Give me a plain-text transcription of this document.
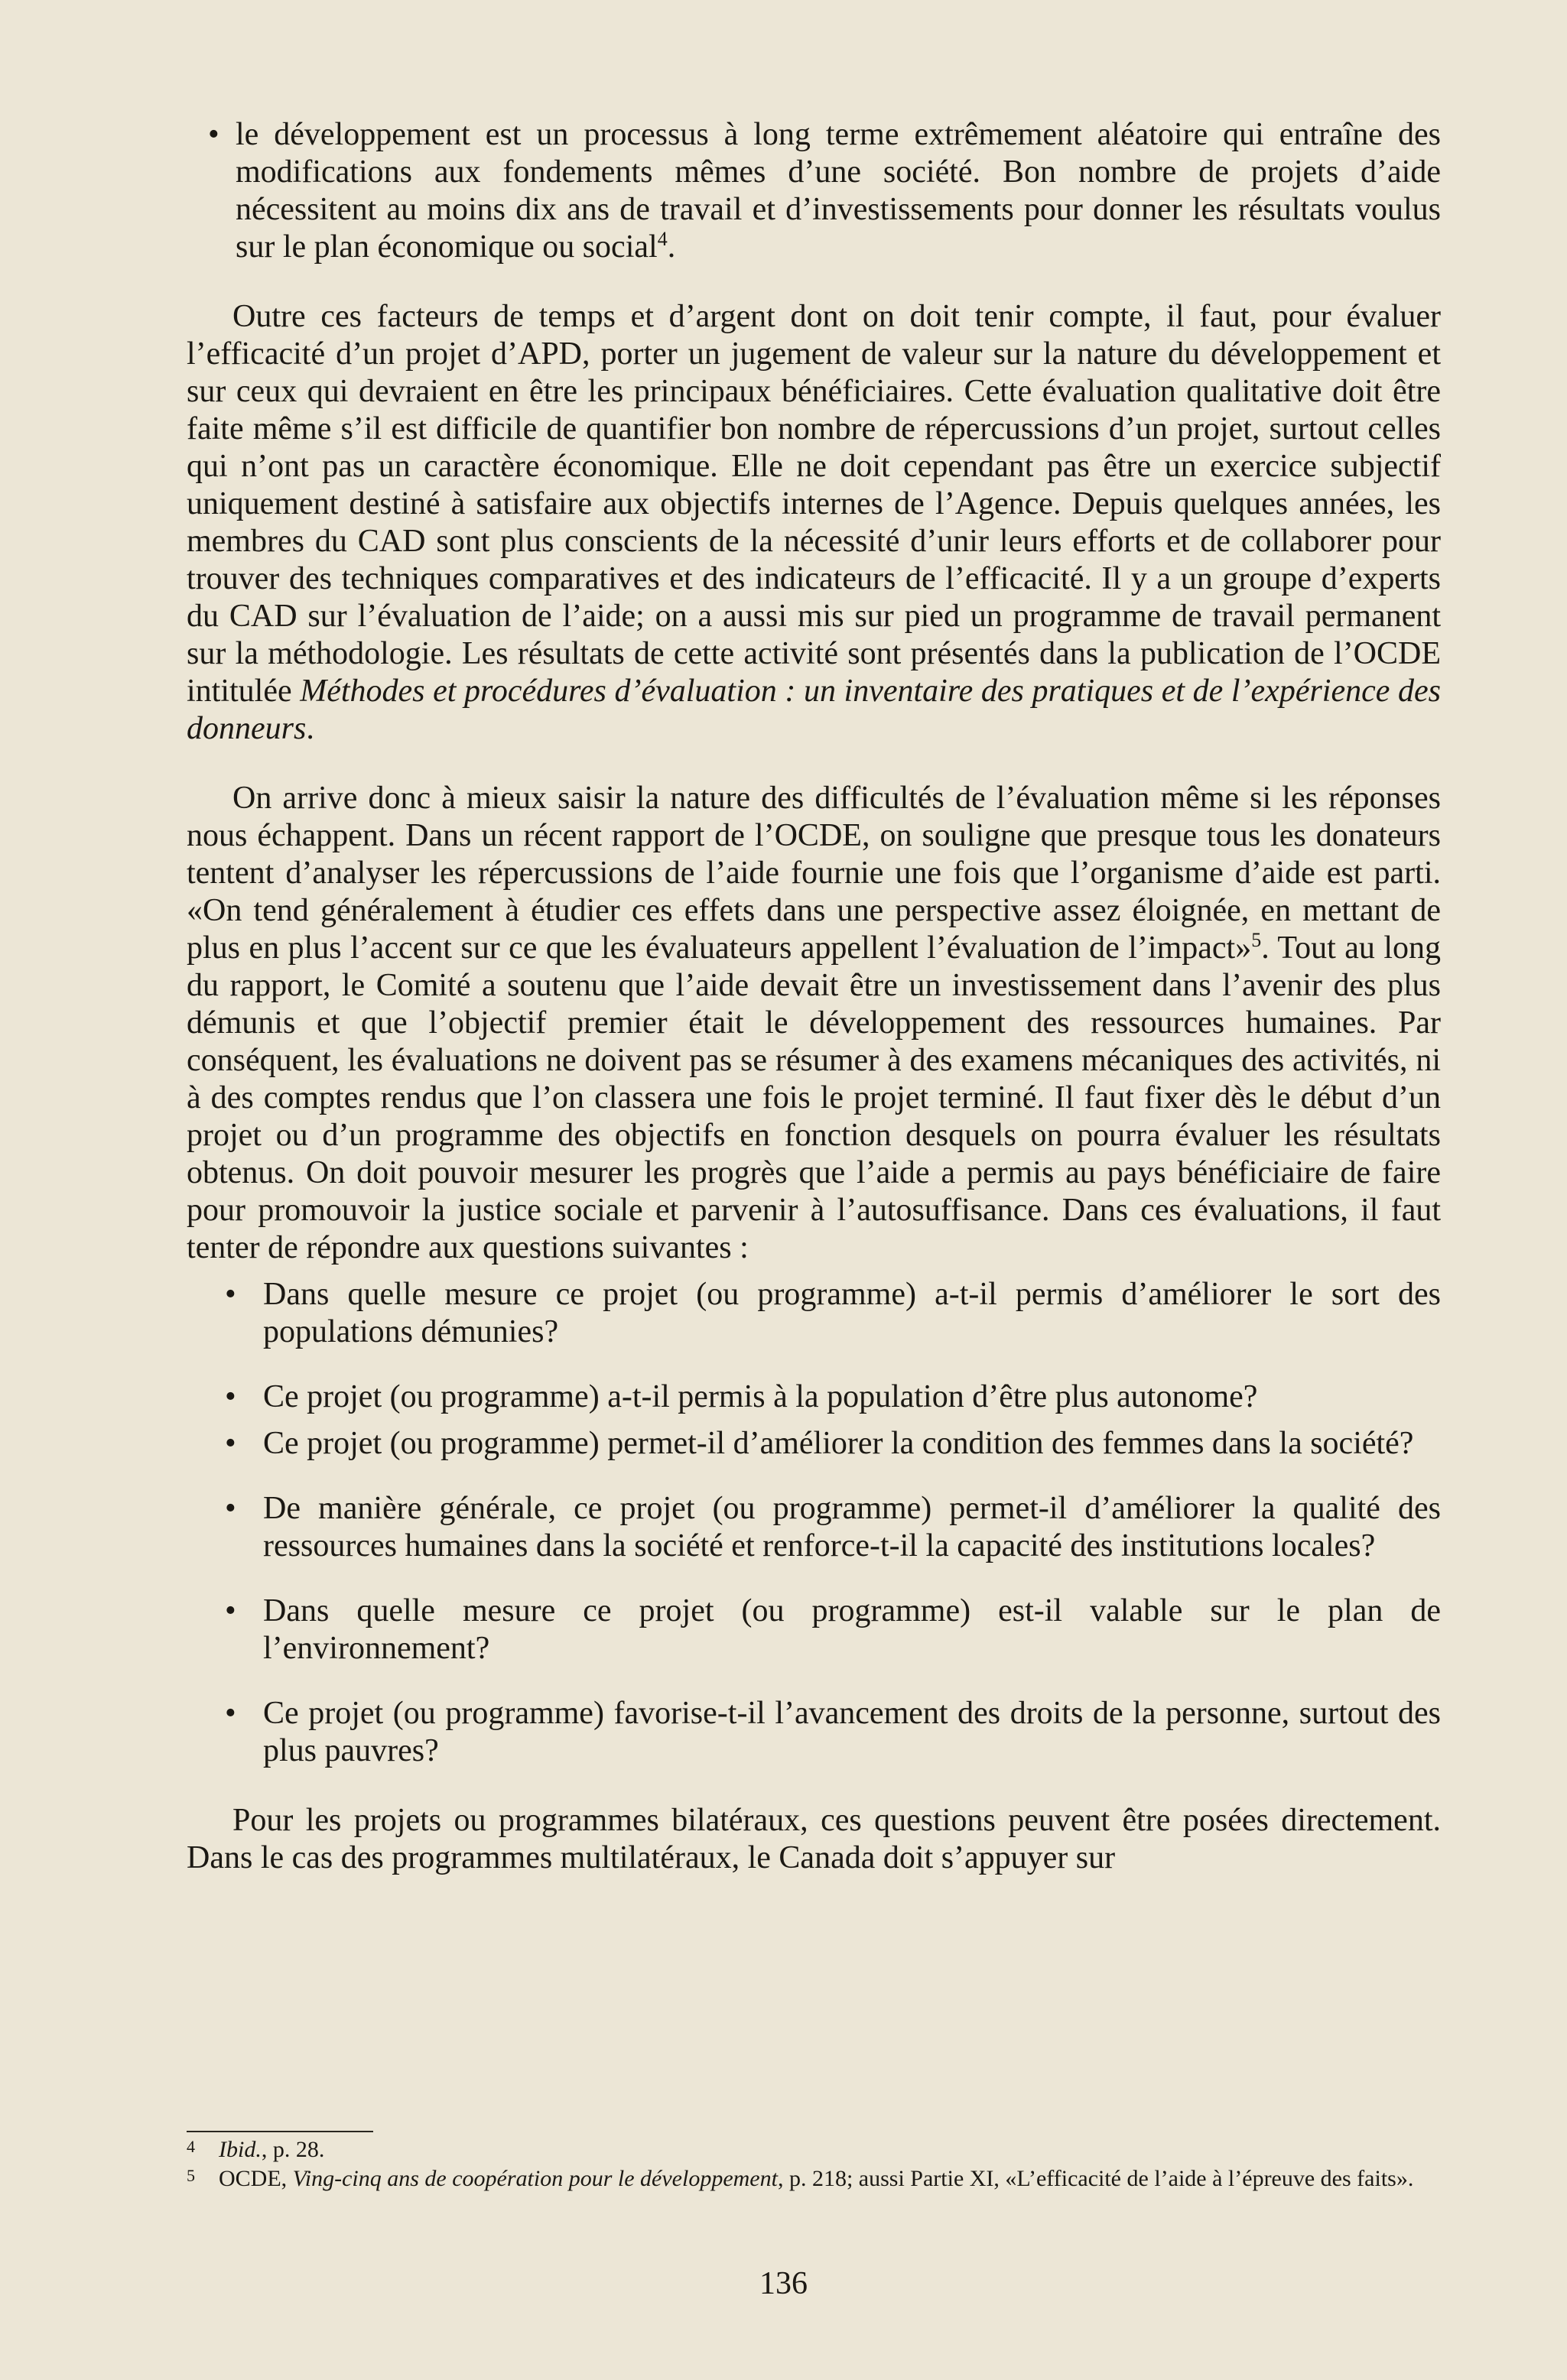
• le développement est un processus à long terme extrêmement aléatoire qui entraîne des modifications aux fondements mêmes d’une société. Bon nombre de projets d’aide nécessitent au moins dix ans de travail et d’investissements pour donner les résultats voulus sur le plan économique ou social$^4$.

Outre ces facteurs de temps et d’argent dont on doit tenir compte, il faut, pour évaluer l’efficacité d’un projet d’APD, porter un jugement de valeur sur la nature du développement et sur ceux qui devraient en être les principaux bénéficiaires. Cette évaluation qualitative doit être faite même s’il est difficile de quantifier bon nombre de répercussions d’un projet, surtout celles qui n’ont pas un caractère économique. Elle ne doit cependant pas être un exercice subjectif uniquement destiné à satisfaire aux objectifs internes de l’Agence. Depuis quelques années, les membres du CAD sont plus conscients de la nécessité d’unir leurs efforts et de collaborer pour trouver des techniques comparatives et des indicateurs de l’efficacité. Il y a un groupe d’experts du CAD sur l’évaluation de l’aide; on a aussi mis sur pied un programme de travail permanent sur la méthodologie. Les résultats de cette activité sont présentés dans la publication de l’OCDE intitulée Méthodes et procédures d’évaluation : un inventaire des pratiques et de l’expérience des donneurs.

On arrive donc à mieux saisir la nature des difficultés de l’évaluation même si les réponses nous échappent. Dans un récent rapport de l’OCDE, on souligne que presque tous les donateurs tentent d’analyser les répercussions de l’aide fournie une fois que l’organisme d’aide est parti. «On tend généralement à étudier ces effets dans une perspective assez éloignée, en mettant de plus en plus l’accent sur ce que les évaluateurs appellent l’évaluation de l’impact»$^5$. Tout au long du rapport, le Comité a soutenu que l’aide devait être un investissement dans l’avenir des plus démunis et que l’objectif premier était le développement des ressources humaines. Par conséquent, les évaluations ne doivent pas se résumer à des examens mécaniques des activités, ni à des comptes rendus que l’on classera une fois le projet terminé. Il faut fixer dès le début d’un projet ou d’un programme des objectifs en fonction desquels on pourra évaluer les résultats obtenus. On doit pouvoir mesurer les progrès que l’aide a permis au pays bénéficiaire de faire pour promouvoir la justice sociale et parvenir à l’autosuffisance. Dans ces évaluations, il faut tenter de répondre aux questions suivantes :

• Dans quelle mesure ce projet (ou programme) a-t-il permis d’améliorer le sort des populations démunies?

• Ce projet (ou programme) a-t-il permis à la population d’être plus autonome?

• Ce projet (ou programme) permet-il d’améliorer la condition des femmes dans la société?

• De manière générale, ce projet (ou programme) permet-il d’améliorer la qualité des ressources humaines dans la société et renforce-t-il la capacité des institutions locales?

• Dans quelle mesure ce projet (ou programme) est-il valable sur le plan de l’environnement?

• Ce projet (ou programme) favorise-t-il l’avancement des droits de la personne, surtout des plus pauvres?

Pour les projets ou programmes bilatéraux, ces questions peuvent être posées directement. Dans le cas des programmes multilatéraux, le Canada doit s’appuyer sur

4 Ibid., p. 28.

5 OCDE, Ving-cinq ans de coopération pour le développement, p. 218; aussi Partie XI, «L’efficacité de l’aide à l’épreuve des faits».

136
